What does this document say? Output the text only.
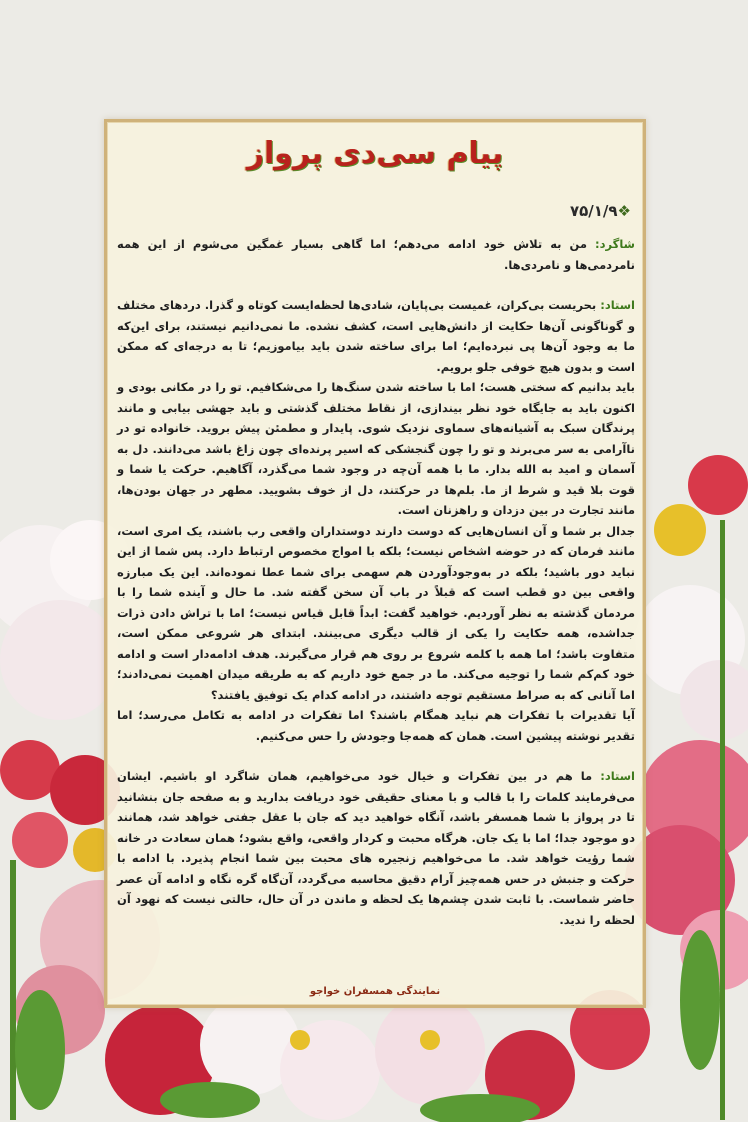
پیام سی‌دی پرواز
۷۵/۱/۹❖

شاگرد: من به تلاش خود ادامه می‌دهم؛ اما گاهی بسیار غمگین می‌شوم از این همه نامردمی‌ها و نامردی‌ها.

استاد: بحریست بی‌کران، غمیست بی‌پایان، شادی‌ها لحظه‌ایست کوتاه و گذرا. دردهای مختلف و گوناگونی آن‌ها حکایت از دانش‌هایی است، کشف نشده. ما نمی‌دانیم نیستند، برای این‌که ما به وجود آن‌ها پی نبرده‌ایم؛ اما برای ساخته شدن باید بیاموزیم؛ تا به درجه‌ای که ممکن است و بدون هیچ خوفی جلو برویم.

باید بدانیم که سختی هست؛ اما با ساخته شدن سنگ‌ها را می‌شکافیم. تو را در مکانی بودی و اکنون باید به جایگاه خود نظر بیندازی، از نقاط مختلف گذشتی و باید جهشی بیابی و مانند پرندگان سبک به آشیانه‌های سماوی نزدیک شوی. پایدار و مطمئن پیش بروید. خانواده تو در ناآرامی به سر می‌برند و تو را چون گنجشکی که اسیر پرنده‌ای چون زاغ باشد می‌دانند. دل به آسمان و امید به الله بدار. ما با همه آن‌چه در وجود شما می‌گذرد، آگاهیم. حرکت یا شما و قوت بلا قید و شرط از ما. بلم‌ها در حرکتند، دل از خوف بشویید. مطهر در جهان بودن‌ها، مانند تجارت در بین دزدان و راهزنان است.

جدال بر شما و آن انسان‌هایی که دوست دارند دوستداران واقعی رب باشند، یک امری است، مانند فرمان که در حوضه اشخاص نیست؛ بلکه با امواج مخصوص ارتباط دارد. پس شما از این نباید دور باشید؛ بلکه در به‌وجودآوردن هم سهمی برای شما عطا نموده‌اند. این یک مبارزه واقعی بین دو قطب است که قبلاً در باب آن سخن گفته شد. ما حال و آینده شما را با مردمان گذشته به نظر آوردیم. خواهید گفت: ابداً قابل قیاس نیست؛ اما با تراش دادن ذرات جداشده، همه حکایت را یکی از قالب دیگری می‌بینند. ابتدای هر شروعی ممکن است، متفاوت باشد؛ اما همه با کلمه شروع بر روی هم قرار می‌گیرند. هدف ادامه‌دار است و ادامه خود کم‌کم شما را توجیه می‌کند. ما در جمع خود داریم که به طریقه میدان اهمیت نمی‌دادند؛ اما آنانی که به صراط مستقیم توجه داشتند، در ادامه کدام یک توفیق یافتند؟

آیا تقدیرات با تفکرات هم نباید همگام باشند؟ اما تفکرات در ادامه به تکامل می‌رسد؛ اما تقدیر نوشته پیشین است. همان که همه‌جا وجودش را حس می‌کنیم.

استاد: ما هم در بین تفکرات و خیال خود می‌خواهیم، همان شاگرد او باشیم. ایشان می‌فرمایند کلمات را با قالب و با معنای حقیقی خود دریافت بدارید و به صفحه جان بنشانید تا در پرواز با شما همسفر باشد، آنگاه خواهید دید که جان با عقل جفتی خواهد شد، همانند دو موجود جدا؛ اما با یک جان. هرگاه محبت و کردار واقعی، واقع بشود؛ همان سعادت در خانه شما رؤیت خواهد شد. ما می‌خواهیم زنجیره های محبت بین شما انجام پذیرد. با ادامه با حرکت و جنبش در حس همه‌چیز آرام دقیق محاسبه می‌گردد، آن‌گاه گره نگاه و ادامه آن عصر حاضر شماست. با ثابت شدن چشم‌ها یک لحظه و ماندن در آن حال، حالتی نیست که نهود آن لحظه را ندید.

نمایندگی همسفران خواجو
